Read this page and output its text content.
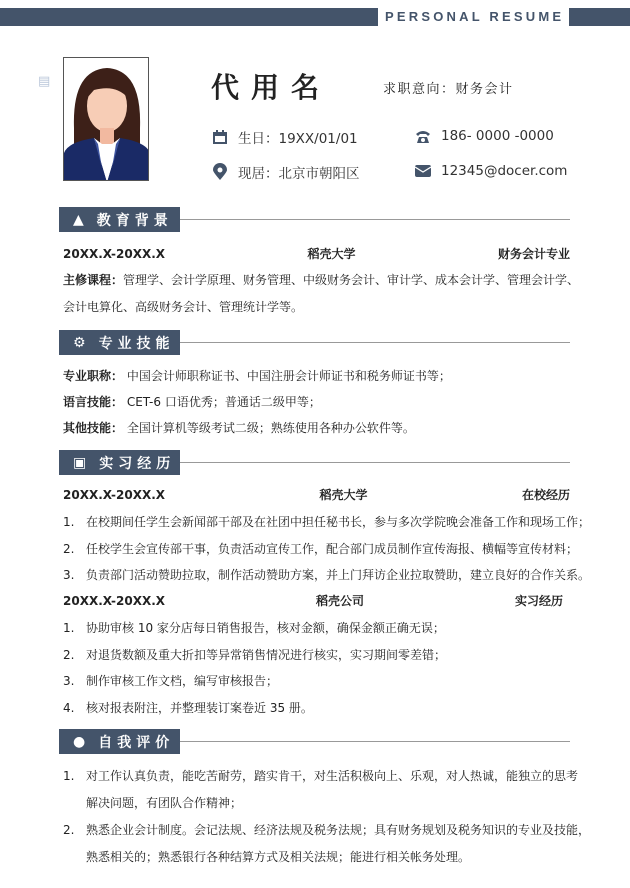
PERSONAL RESUME
▤	代用名	求职意向：财务会计
生日：19XX/01/01	186- 0000 -0000
现居：北京市朝阳区	12345@docer.com
▲ 教育背景
20XX.X-20XX.X	稻壳大学	财务会计专业
主修课程：管理学、会计学原理、财务管理、中级财务会计、审计学、成本会计学、管理会计学、
会计电算化、高级财务会计、管理统计学等。
⚙ 专业技能
专业职称： 中国会计师职称证书、中国注册会计师证书和税务师证书等；
语言技能： CET-6 口语优秀；普通话二级甲等；
其他技能： 全国计算机等级考试二级；熟练使用各种办公软件等。
▣ 实习经历
20XX.X-20XX.X	稻壳大学	在校经历
1. 在校期间任学生会新闻部干部及在社团中担任秘书长，参与多次学院晚会准备工作和现场工作；
2. 任校学生会宣传部干事，负责活动宣传工作，配合部门成员制作宣传海报、横幅等宣传材料；
3. 负责部门活动赞助拉取，制作活动赞助方案，并上门拜访企业拉取赞助，建立良好的合作关系。
20XX.X-20XX.X	稻壳公司	实习经历
1. 协助审核 10 家分店每日销售报告，核对金额，确保金额正确无误；
2. 对退货数额及重大折扣等异常销售情况进行核实，实习期间零差错；
3. 制作审核工作文档，编写审核报告；
4. 核对报表附注，并整理装订案卷近 35 册。
● 自我评价
1. 对工作认真负责，能吃苦耐劳，踏实肯干，对生活积极向上、乐观，对人热诚，能独立的思考
解决问题，有团队合作精神；
2. 熟悉企业会计制度。会记法规、经济法规及税务法规；具有财务规划及税务知识的专业及技能，
熟悉相关的；熟悉银行各种结算方式及相关法规；能进行相关帐务处理。
